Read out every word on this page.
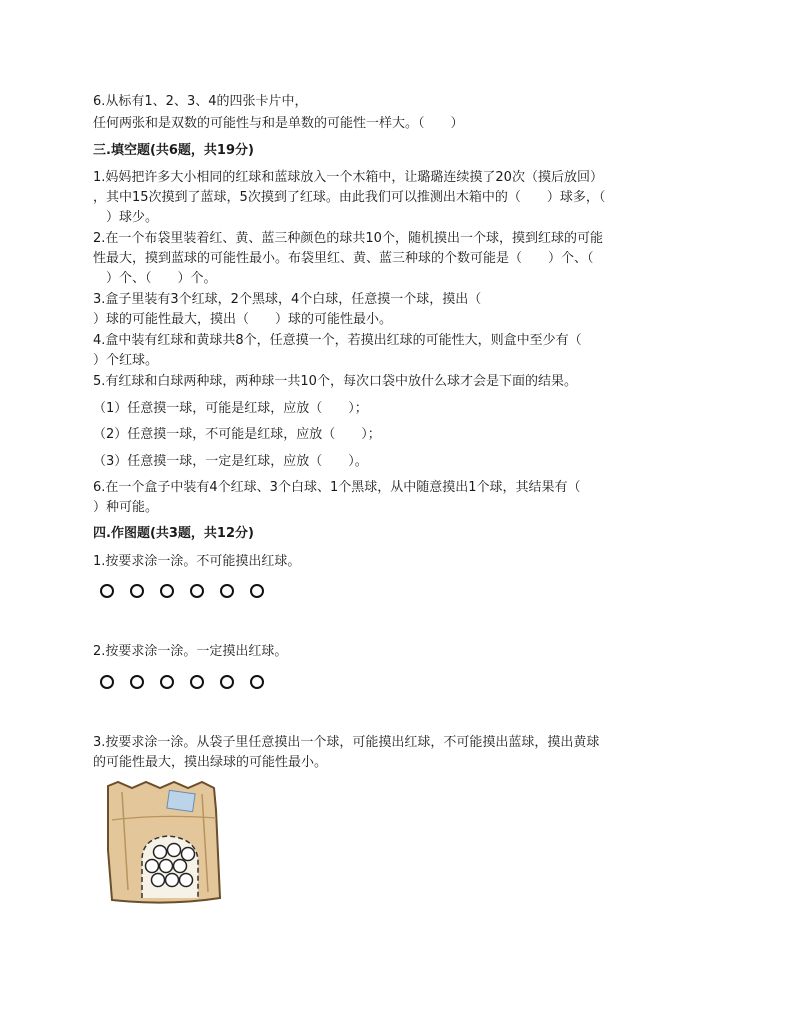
6.从标有1、2、3、4的四张卡片中，
任何两张和是双数的可能性与和是单数的可能性一样大。（　　）
三.填空题(共6题，共19分)
1.妈妈把许多大小相同的红球和蓝球放入一个木箱中，让璐璐连续摸了20次（摸后放回）
，其中15次摸到了蓝球，5次摸到了红球。由此我们可以推测出木箱中的（　　）球多，（
　）球少。
2.在一个布袋里装着红、黄、蓝三种颜色的球共10个，随机摸出一个球，摸到红球的可能
性最大，摸到蓝球的可能性最小。布袋里红、黄、蓝三种球的个数可能是（　　）个、（
　）个、（　　）个。
3.盒子里装有3个红球，2个黑球，4个白球，任意摸一个球，摸出（
）球的可能性最大，摸出（　　）球的可能性最小。
4.盒中装有红球和黄球共8个，任意摸一个，若摸出红球的可能性大，则盒中至少有（
）个红球。
5.有红球和白球两种球，两种球一共10个，每次口袋中放什么球才会是下面的结果。
（1）任意摸一球，可能是红球，应放（　　）；
（2）任意摸一球，不可能是红球，应放（　　）；
（3）任意摸一球，一定是红球，应放（　　）。
6.在一个盒子中装有4个红球、3个白球、1个黑球，从中随意摸出1个球，其结果有（
）种可能。
四.作图题(共3题，共12分)
1.按要求涂一涂。不可能摸出红球。
2.按要求涂一涂。一定摸出红球。
3.按要求涂一涂。从袋子里任意摸出一个球，可能摸出红球，不可能摸出蓝球，摸出黄球
的可能性最大，摸出绿球的可能性最小。
